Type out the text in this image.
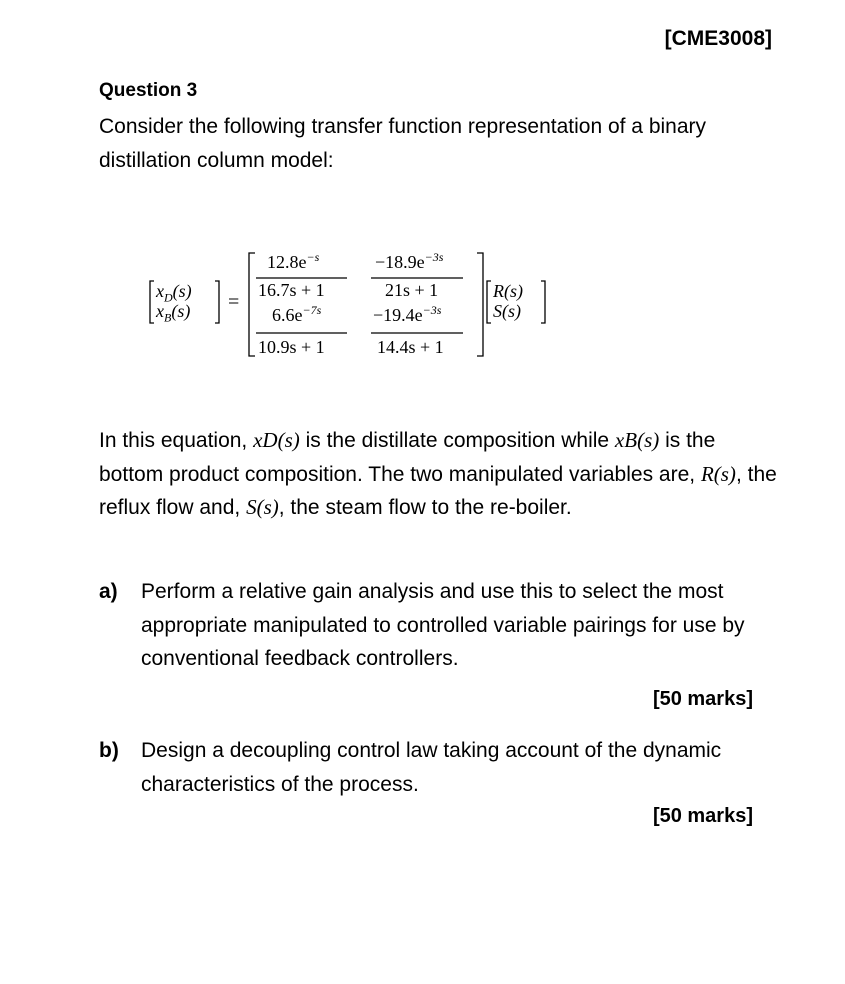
[CME3008]
Question 3
Consider the following transfer function representation of a binary distillation column model:
$x_D(s)$
$x_B(s)$ =
$12.8e^{-s}$
16.7s + 1
$-18.9e^{-3s}$
21s + 1
$6.6e^{-7s}$
10.9s + 1
$-19.4e^{-3s}$
14.4s + 1
R(s)
S(s)
In this equation, xD(s) is the distillate composition while xB(s) is the bottom product composition. The two manipulated variables are, R(s), the reflux flow and, S(s), the steam flow to the re-boiler.
a) Perform a relative gain analysis and use this to select the most appropriate manipulated to controlled variable pairings for use by conventional feedback controllers.
[50 marks]
b) Design a decoupling control law taking account of the dynamic characteristics of the process.
[50 marks]
